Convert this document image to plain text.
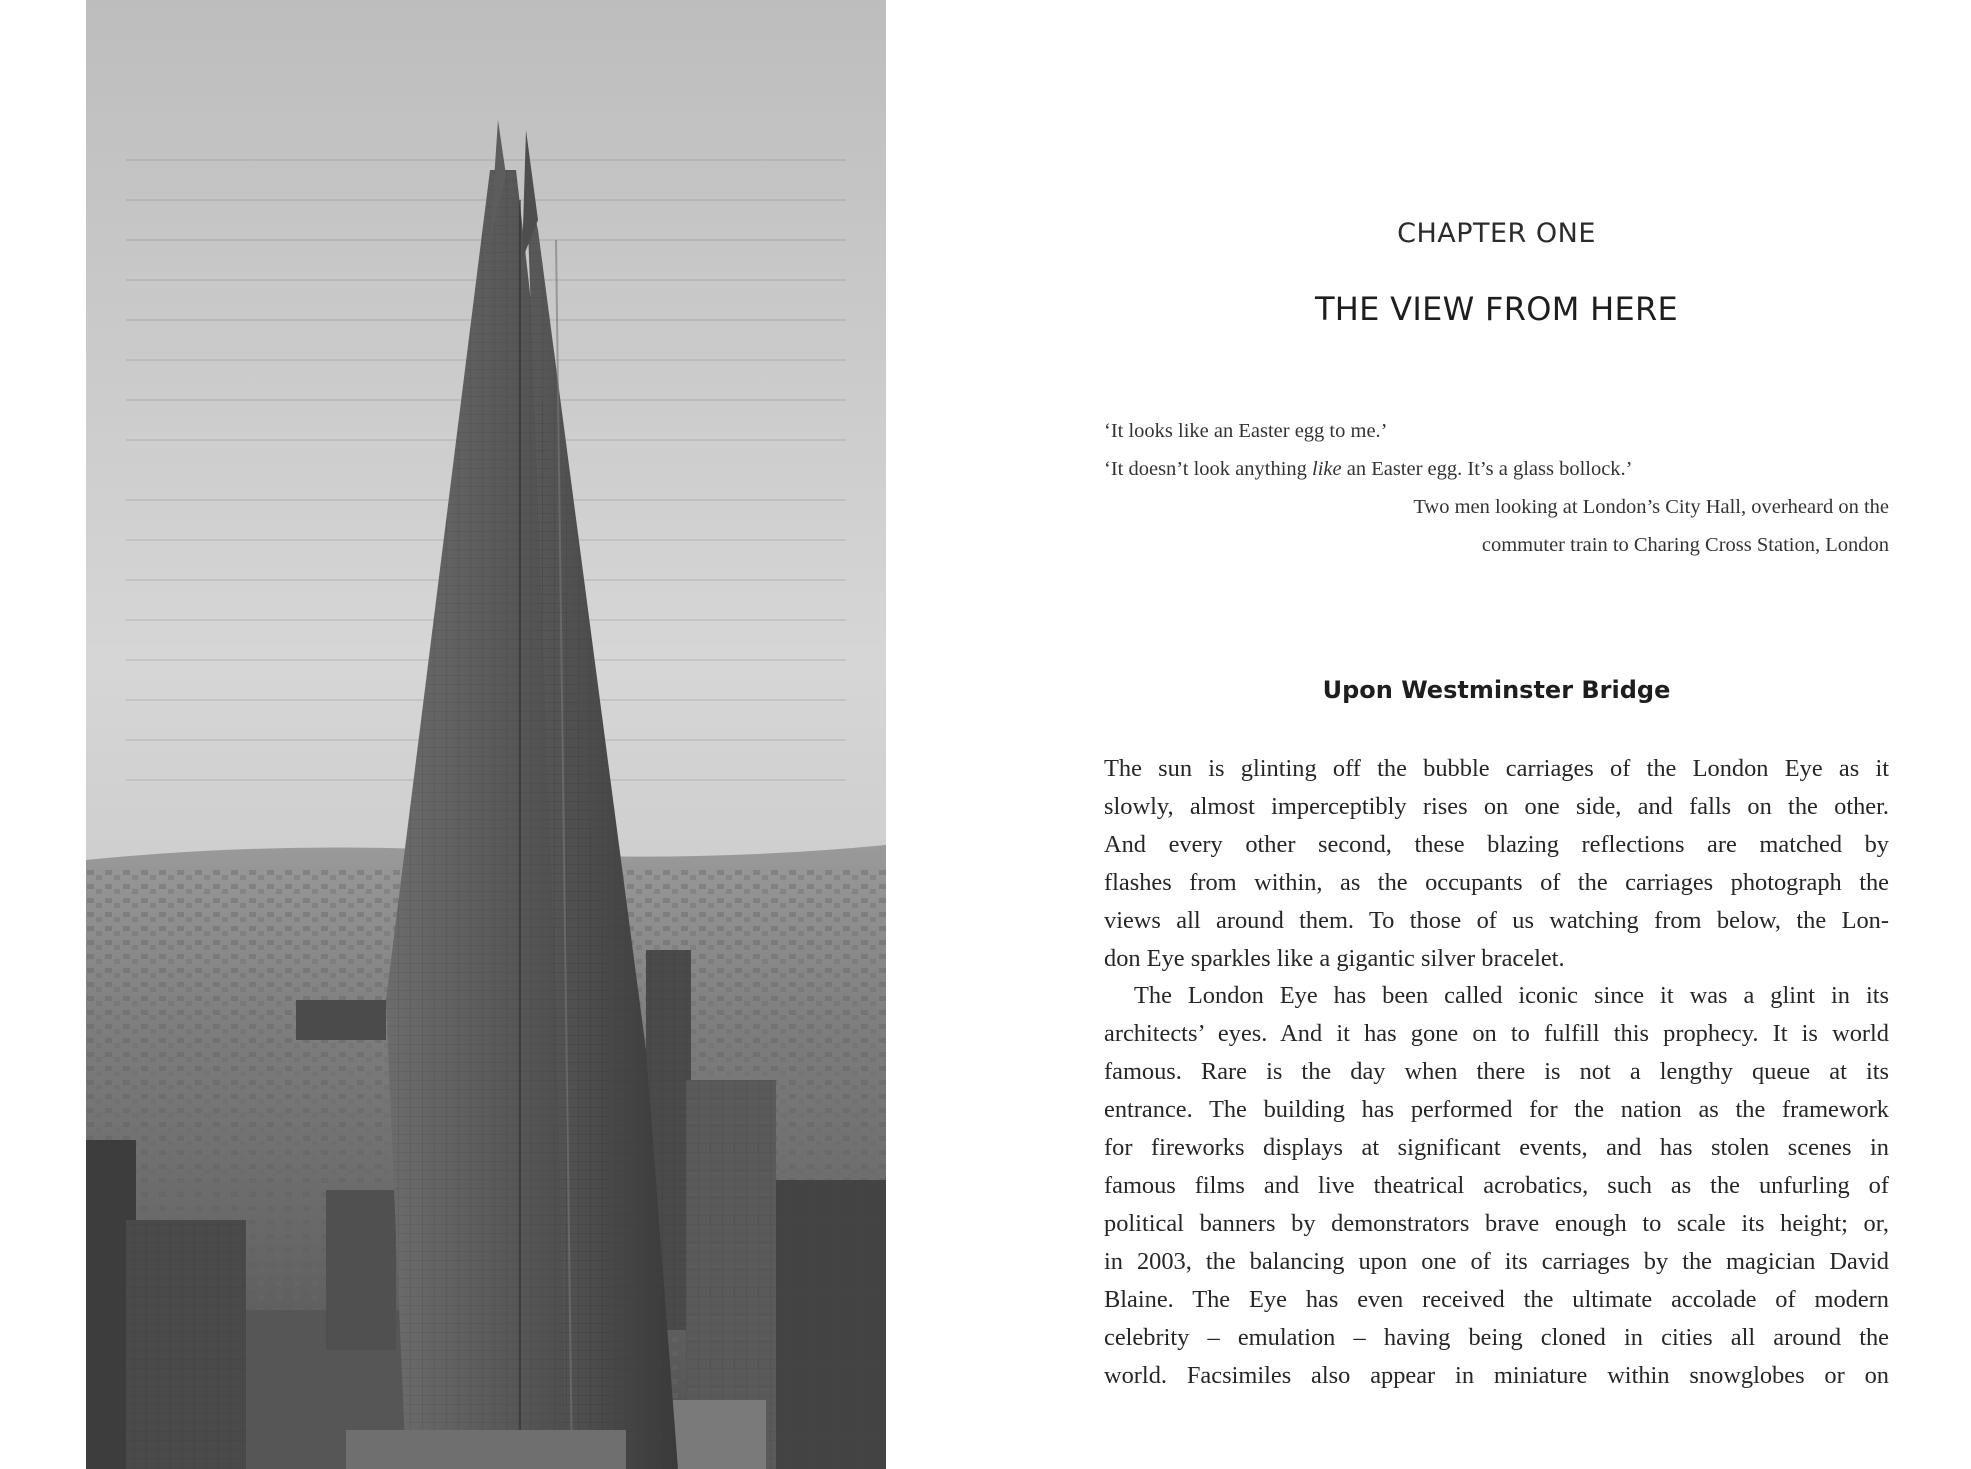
CHAPTER ONE
THE VIEW FROM HERE
‘It looks like an Easter egg to me.’
‘It doesn’t look anything like an Easter egg. It’s a glass bollock.’
Two men looking at London’s City Hall, overheard on the
commuter train to Charing Cross Station, London
Upon Westminster Bridge
The sun is glinting off the bubble carriages of the London Eye as it
slowly, almost imperceptibly rises on one side, and falls on the other.
And every other second, these blazing reflections are matched by
flashes from within, as the occupants of the carriages photograph the
views all around them. To those of us watching from below, the Lon-
don Eye sparkles like a gigantic silver bracelet.
The London Eye has been called iconic since it was a glint in its
architects’ eyes. And it has gone on to fulfill this prophecy. It is world
famous. Rare is the day when there is not a lengthy queue at its
entrance. The building has performed for the nation as the framework
for fireworks displays at significant events, and has stolen scenes in
famous films and live theatrical acrobatics, such as the unfurling of
political banners by demonstrators brave enough to scale its height; or,
in 2003, the balancing upon one of its carriages by the magician David
Blaine. The Eye has even received the ultimate accolade of modern
celebrity – emulation – having being cloned in cities all around the
world. Facsimiles also appear in miniature within snowglobes or on
